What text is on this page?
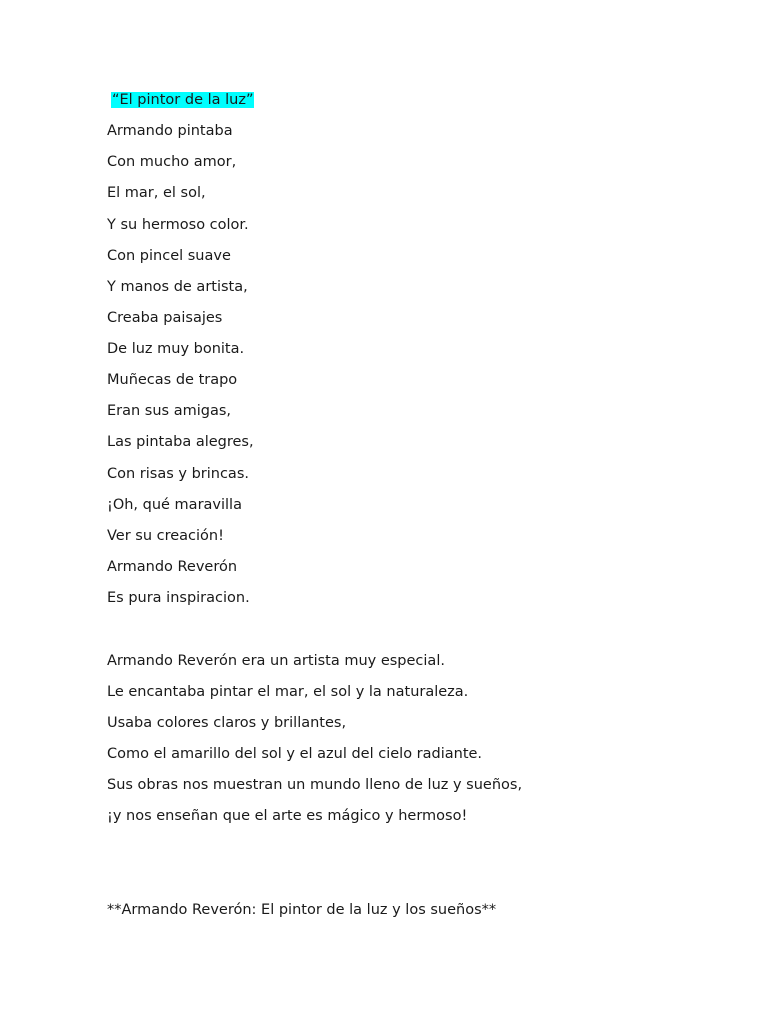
“El pintor de la luz”
Armando pintaba
Con mucho amor,
El mar, el sol,
Y su hermoso color.
Con pincel suave
Y manos de artista,
Creaba paisajes
De luz muy bonita.
Muñecas de trapo
Eran sus amigas,
Las pintaba alegres,
Con risas y brincas.
¡Oh, qué maravilla
Ver su creación!
Armando Reverón
Es pura inspiracion.
Armando Reverón era un artista muy especial.
Le encantaba pintar el mar, el sol y la naturaleza.
Usaba colores claros y brillantes,
Como el amarillo del sol y el azul del cielo radiante.
Sus obras nos muestran un mundo lleno de luz y sueños,
¡y nos enseñan que el arte es mágico y hermoso!
**Armando Reverón: El pintor de la luz y los sueños**
